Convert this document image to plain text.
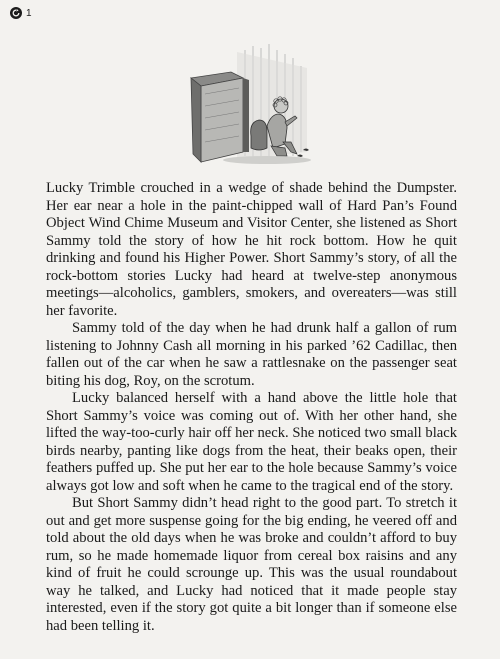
1

Lucky Trimble crouched in a wedge of shade behind the Dumpster. Her ear near a hole in the paint-chipped wall of Hard Pan’s Found Object Wind Chime Museum and Visitor Center, she listened as Short Sammy told the story of how he hit rock bottom. How he quit drinking and found his Higher Power. Short Sammy’s story, of all the rock-bottom stories Lucky had heard at twelve-step anonymous meetings—alcoholics, gamblers, smokers, and overeaters—was still her favorite.

Sammy told of the day when he had drunk half a gallon of rum listening to Johnny Cash all morning in his parked ’62 Cadillac, then fallen out of the car when he saw a rattlesnake on the passenger seat biting his dog, Roy, on the scrotum.

Lucky balanced herself with a hand above the little hole that Short Sammy’s voice was coming out of. With her other hand, she lifted the way-too-curly hair off her neck. She noticed two small black birds nearby, panting like dogs from the heat, their beaks open, their feathers puffed up. She put her ear to the hole because Sammy’s voice always got low and soft when he came to the tragical end of the story.

But Short Sammy didn’t head right to the good part. To stretch it out and get more suspense going for the big ending, he veered off and told about the old days when he was broke and couldn’t afford to buy rum, so he made homemade liquor from cereal box raisins and any kind of fruit he could scrounge up. This was the usual roundabout way he talked, and Lucky had noticed that it made people stay interested, even if the story got quite a bit longer than if someone else had been telling it.
